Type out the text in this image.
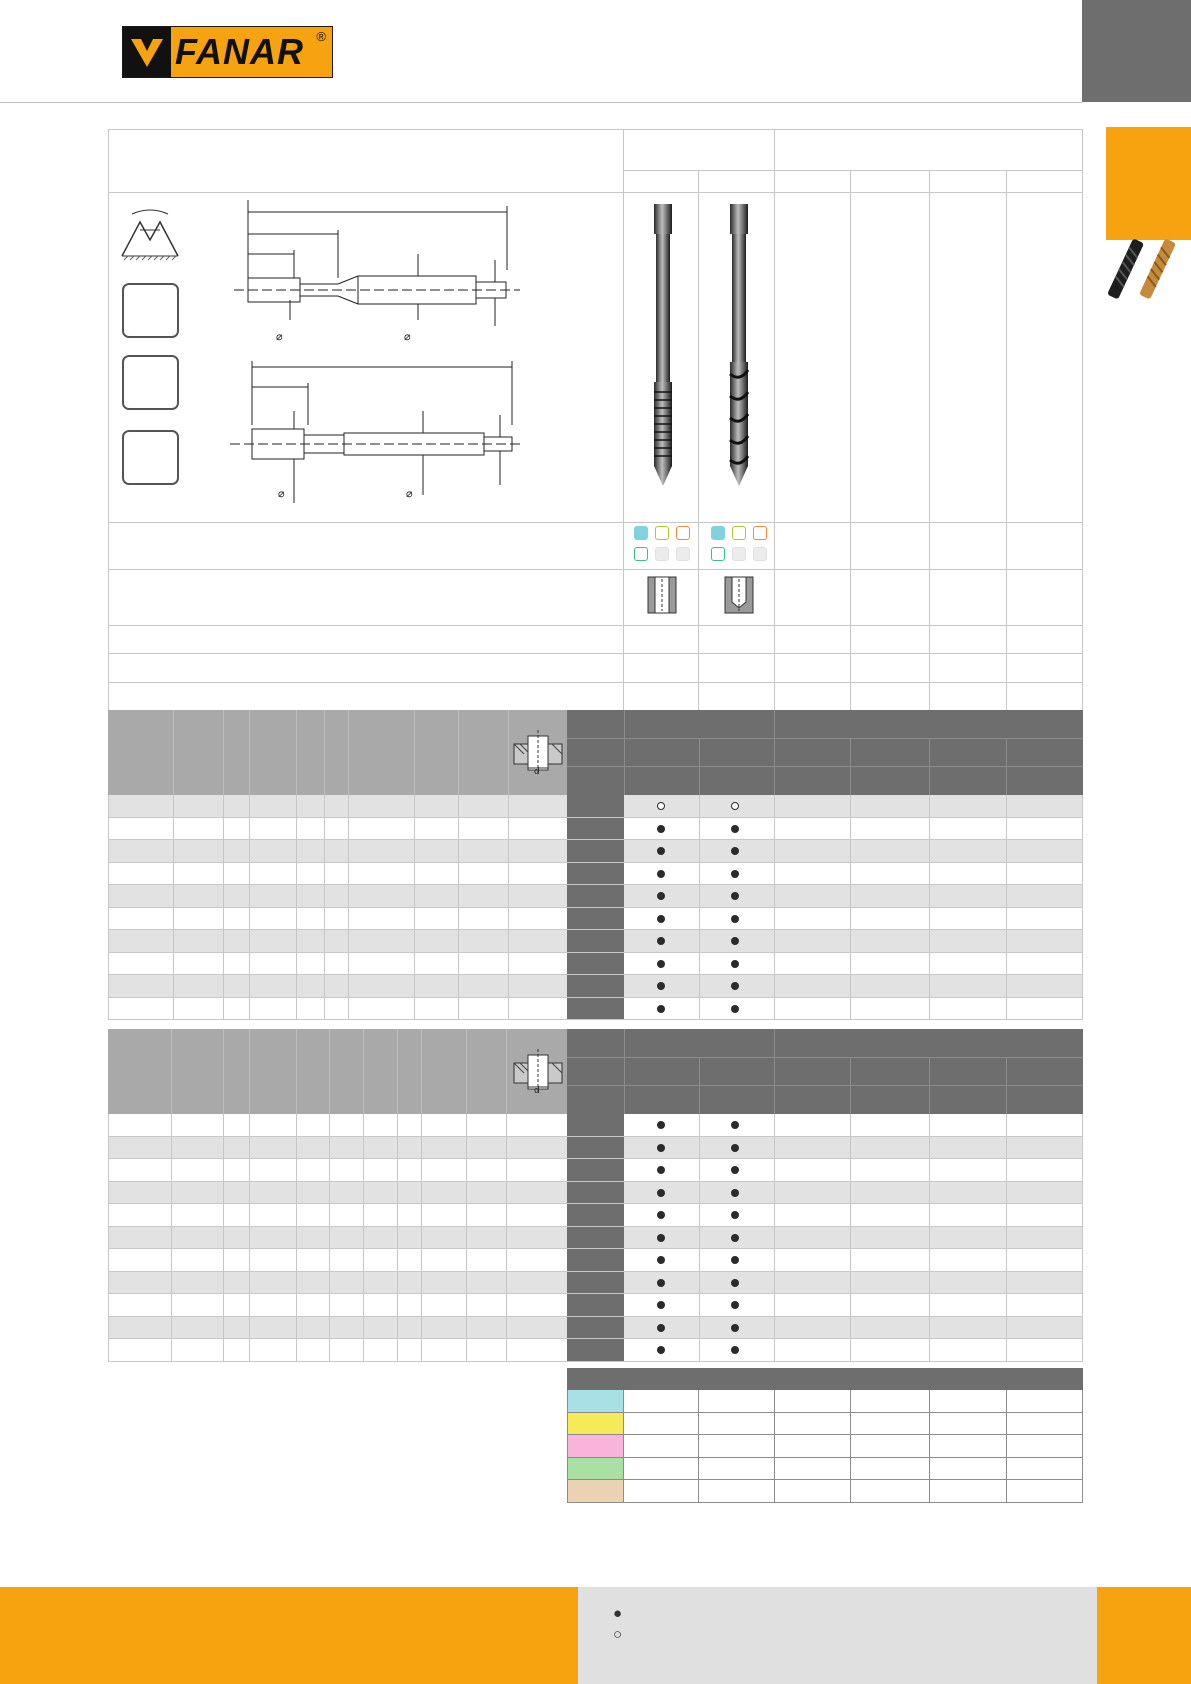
FANAR ®
⌀	⌀
⌀	⌀
d
d
●
○
